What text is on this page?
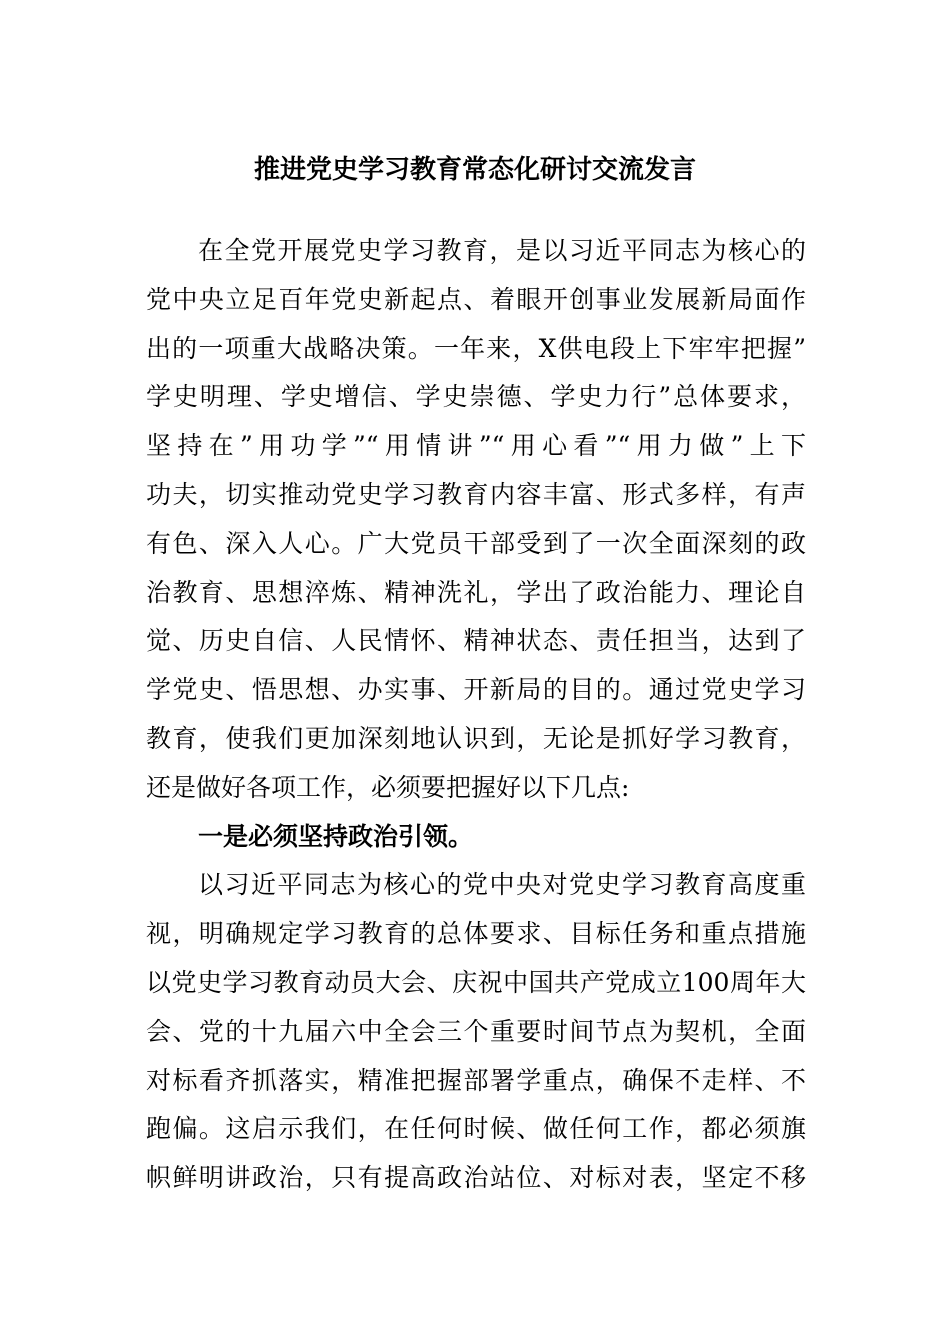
推进党史学习教育常态化研讨交流发言
在全党开展党史学习教育，是以习近平同志为核心的
党中央立足百年党史新起点、着眼开创事业发展新局面作
出的一项重大战略决策。一年来，X供电段上下牢牢把握”
学史明理、学史增信、学史崇德、学史力行”总体要求，
坚持在”用功学”“用情讲”“用心看”“用力做”上下
功夫，切实推动党史学习教育内容丰富、形式多样，有声
有色、深入人心。广大党员干部受到了一次全面深刻的政
治教育、思想淬炼、精神洗礼，学出了政治能力、理论自
觉、历史自信、人民情怀、精神状态、责任担当，达到了
学党史、悟思想、办实事、开新局的目的。通过党史学习
教育，使我们更加深刻地认识到，无论是抓好学习教育，
还是做好各项工作，必须要把握好以下几点:
一是必须坚持政治引领。
以习近平同志为核心的党中央对党史学习教育高度重
视，明确规定学习教育的总体要求、目标任务和重点措施
以党史学习教育动员大会、庆祝中国共产党成立100周年大
会、党的十九届六中全会三个重要时间节点为契机，全面
对标看齐抓落实，精准把握部署学重点，确保不走样、不
跑偏。这启示我们，在任何时候、做任何工作，都必须旗
帜鲜明讲政治，只有提高政治站位、对标对表，坚定不移
